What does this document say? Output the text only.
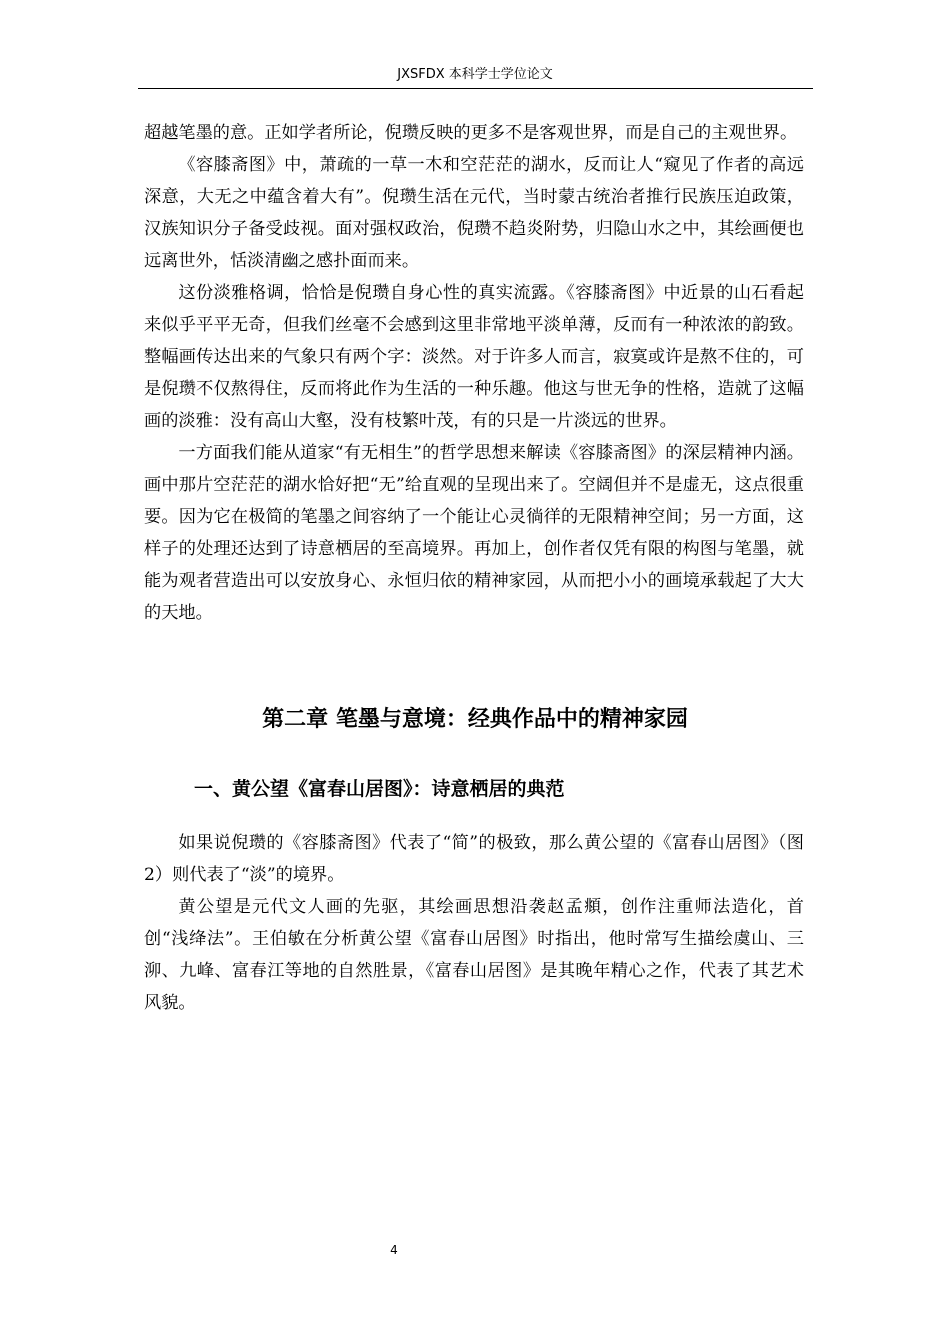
JXSFDX 本科学士学位论文

超越笔墨的意。正如学者所论，倪瓒反映的更多不是客观世界，而是自己的主观世界。

《容膝斋图》中，萧疏的一草一木和空茫茫的湖水，反而让人“窥见了作者的高远深意，大无之中蕴含着大有”。倪瓒生活在元代，当时蒙古统治者推行民族压迫政策，汉族知识分子备受歧视。面对强权政治，倪瓒不趋炎附势，归隐山水之中，其绘画便也远离世外，恬淡清幽之感扑面而来。

这份淡雅格调，恰恰是倪瓒自身心性的真实流露。《容膝斋图》中近景的山石看起来似乎平平无奇，但我们丝毫不会感到这里非常地平淡单薄，反而有一种浓浓的韵致。整幅画传达出来的气象只有两个字：淡然。对于许多人而言，寂寞或许是熬不住的，可是倪瓒不仅熬得住，反而将此作为生活的一种乐趣。他这与世无争的性格，造就了这幅画的淡雅：没有高山大壑，没有枝繁叶茂，有的只是一片淡远的世界。

一方面我们能从道家“有无相生”的哲学思想来解读《容膝斋图》的深层精神内涵。画中那片空茫茫的湖水恰好把“无”给直观的呈现出来了。空阔但并不是虚无，这点很重要。因为它在极简的笔墨之间容纳了一个能让心灵徜徉的无限精神空间；另一方面，这样子的处理还达到了诗意栖居的至高境界。再加上，创作者仅凭有限的构图与笔墨，就能为观者营造出可以安放身心、永恒归依的精神家园，从而把小小的画境承载起了大大的天地。

第二章 笔墨与意境：经典作品中的精神家园
一、黄公望《富春山居图》：诗意栖居的典范

如果说倪瓒的《容膝斋图》代表了“简”的极致，那么黄公望的《富春山居图》（图2）则代表了“淡”的境界。

黄公望是元代文人画的先驱，其绘画思想沿袭赵孟頫，创作注重师法造化，首创“浅绛法”。王伯敏在分析黄公望《富春山居图》时指出，他时常写生描绘虞山、三泖、九峰、富春江等地的自然胜景，《富春山居图》是其晚年精心之作，代表了其艺术风貌。

4
